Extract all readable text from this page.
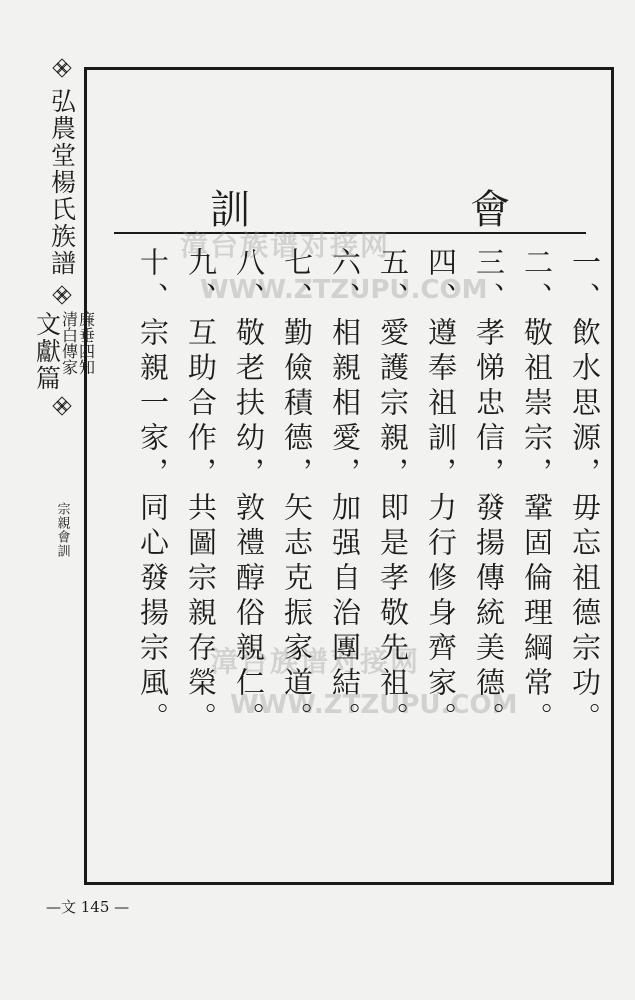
弘農堂楊氏族譜
廉垂四知
清白傳家
文獻篇
宗親會訓
訓	會
漳台族谱对接网
WWW.ZTZUPU.COM
漳台族谱对接网
WWW.ZTZUPU.COM	一、飲水思源，毋忘祖德宗功。
二、敬祖崇宗，鞏固倫理綱常。
三、孝悌忠信，發揚傳統美德。
四、遵奉祖訓，力行修身齊家。
五、愛護宗親，即是孝敬先祖。
六、相親相愛，加强自治團結。
七、勤儉積德，矢志克振家道。
八、敬老扶幼，敦禮醇俗親仁。
九、互助合作，共圖宗親存榮。
十、宗親一家，同心發揚宗風。
—文 145 —
